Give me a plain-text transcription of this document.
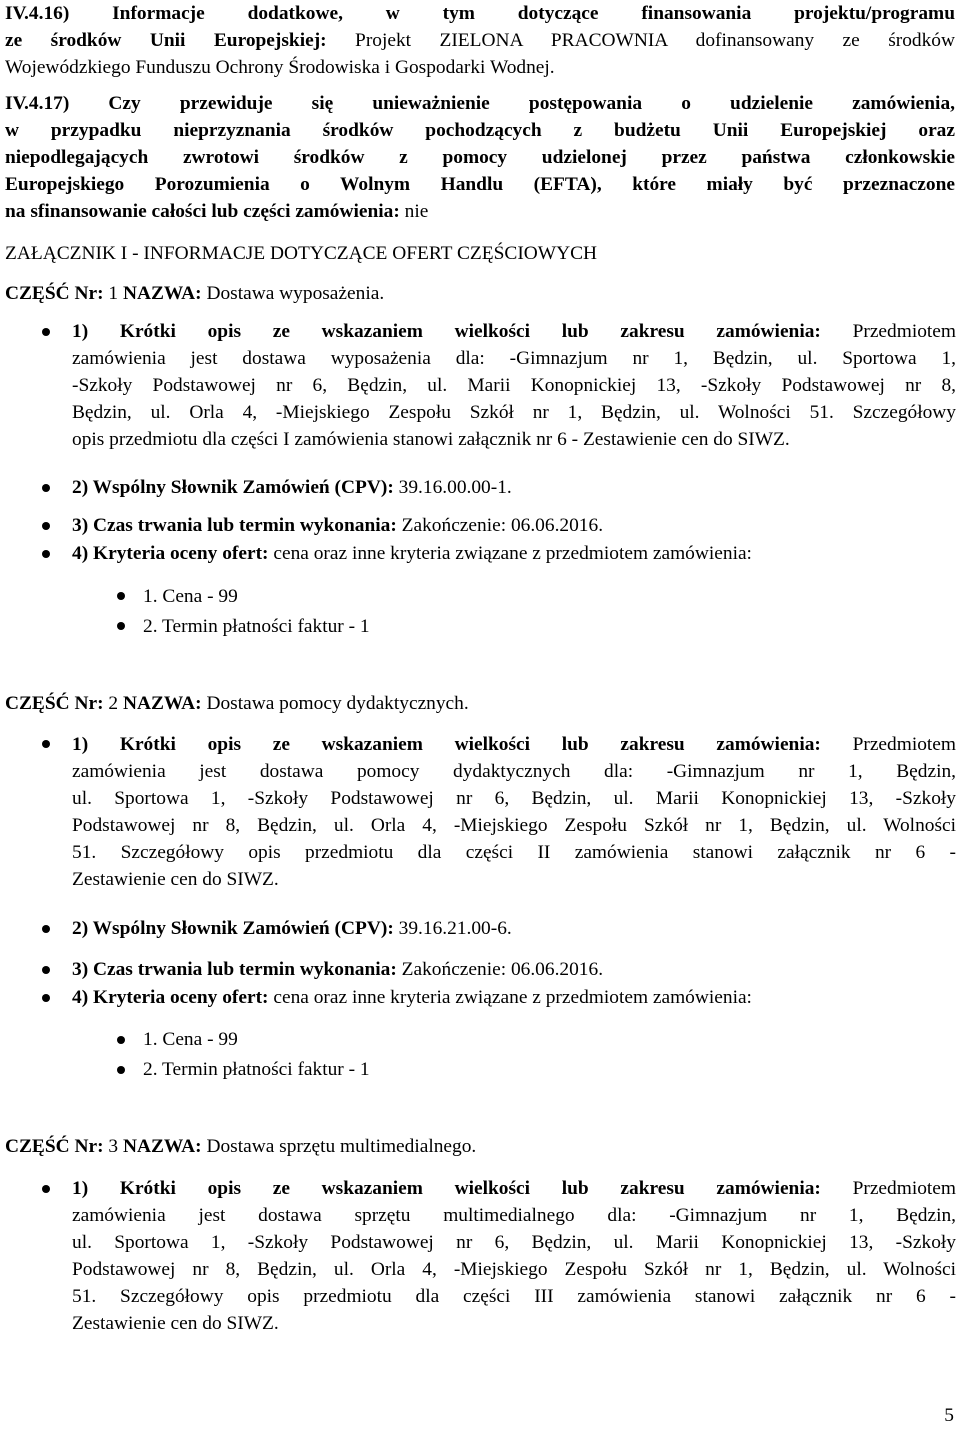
IV.4.16) Informacje dodatkowe, w tym dotyczące finansowania projektu/programu
ze środków Unii Europejskiej: Projekt ZIELONA PRACOWNIA dofinansowany ze środków
Wojewódzkiego Funduszu Ochrony Środowiska i Gospodarki Wodnej.
IV.4.17) Czy przewiduje się unieważnienie postępowania o udzielenie zamówienia,
w przypadku nieprzyznania środków pochodzących z budżetu Unii Europejskiej oraz
niepodlegających zwrotowi środków z pomocy udzielonej przez państwa członkowskie
Europejskiego Porozumienia o Wolnym Handlu (EFTA), które miały być przeznaczone
na sfinansowanie całości lub części zamówienia: nie
ZAŁĄCZNIK I - INFORMACJE DOTYCZĄCE OFERT CZĘŚCIOWYCH
CZĘŚĆ Nr: 1 NAZWA: Dostawa wyposażenia.
1) Krótki opis ze wskazaniem wielkości lub zakresu zamówienia: Przedmiotem
zamówienia jest dostawa wyposażenia dla: -Gimnazjum nr 1, Będzin, ul. Sportowa 1,
-Szkoły Podstawowej nr 6, Będzin, ul. Marii Konopnickiej 13, -Szkoły Podstawowej nr 8,
Będzin, ul. Orla 4, -Miejskiego Zespołu Szkół nr 1, Będzin, ul. Wolności 51. Szczegółowy
opis przedmiotu dla części I zamówienia stanowi załącznik nr 6 - Zestawienie cen do SIWZ.
2) Wspólny Słownik Zamówień (CPV): 39.16.00.00-1.
3) Czas trwania lub termin wykonania: Zakończenie: 06.06.2016.
4) Kryteria oceny ofert: cena oraz inne kryteria związane z przedmiotem zamówienia:
1. Cena - 99
2. Termin płatności faktur - 1
CZĘŚĆ Nr: 2 NAZWA: Dostawa pomocy dydaktycznych.
1) Krótki opis ze wskazaniem wielkości lub zakresu zamówienia: Przedmiotem
zamówienia jest dostawa pomocy dydaktycznych dla: -Gimnazjum nr 1, Będzin,
ul. Sportowa 1, -Szkoły Podstawowej nr 6, Będzin, ul. Marii Konopnickiej 13, -Szkoły
Podstawowej nr 8, Będzin, ul. Orla 4, -Miejskiego Zespołu Szkół nr 1, Będzin, ul. Wolności
51. Szczegółowy opis przedmiotu dla części II zamówienia stanowi załącznik nr 6 -
Zestawienie cen do SIWZ.
2) Wspólny Słownik Zamówień (CPV): 39.16.21.00-6.
3) Czas trwania lub termin wykonania: Zakończenie: 06.06.2016.
4) Kryteria oceny ofert: cena oraz inne kryteria związane z przedmiotem zamówienia:
1. Cena - 99
2. Termin płatności faktur - 1
CZĘŚĆ Nr: 3 NAZWA: Dostawa sprzętu multimedialnego.
1) Krótki opis ze wskazaniem wielkości lub zakresu zamówienia: Przedmiotem
zamówienia jest dostawa sprzętu multimedialnego dla: -Gimnazjum nr 1, Będzin,
ul. Sportowa 1, -Szkoły Podstawowej nr 6, Będzin, ul. Marii Konopnickiej 13, -Szkoły
Podstawowej nr 8, Będzin, ul. Orla 4, -Miejskiego Zespołu Szkół nr 1, Będzin, ul. Wolności
51. Szczegółowy opis przedmiotu dla części III zamówienia stanowi załącznik nr 6 -
Zestawienie cen do SIWZ.
5
